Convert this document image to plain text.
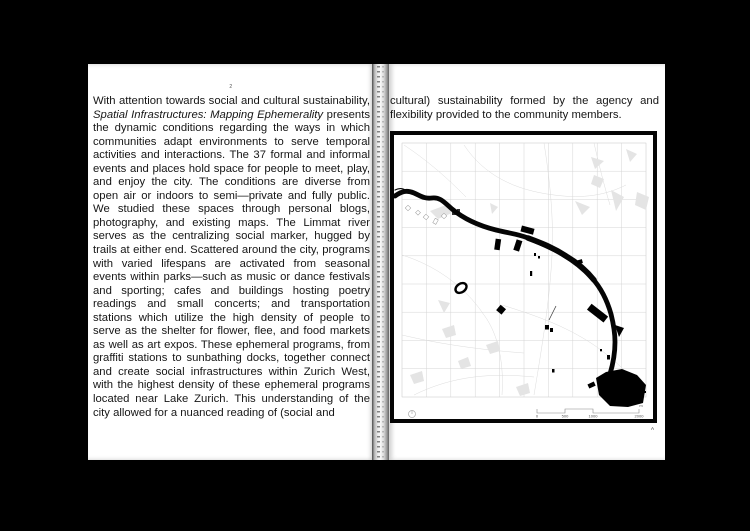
2
With attention towards social and cultural sustainability, Spatial Infrastructures: Mapping Ephemerality presents the dynamic conditions regarding the ways in which communities adapt environments to serve temporal activities and interactions. The 37 formal and informal events and places hold space for people to meet, play, and enjoy the city. The conditions are diverse from open air or indoors to semi—private and fully public. We studied these spaces through personal blogs, photography, and existing maps. The Limmat river serves as the centralizing social marker, hugged by trails at either end. Scattered around the city, programs with varied lifespans are activated from seasonal events within parks—such as music or dance festivals and sporting; cafes and buildings hosting poetry readings and small concerts; and transportation stations which utilize the high density of people to serve as the shelter for flower, flee, and food markets as well as art expos. These ephemeral programs, from graffiti stations to sunbathing docks, together connect and create social infrastructures within Zurich West, with the highest density of these ephemeral programs located near Lake Zurich. This understanding of the city allowed for a nuanced reading of (social and
cultural) sustainability formed by the agency and flexibility provided to the community members.
0	500	1000	2000
m
A
